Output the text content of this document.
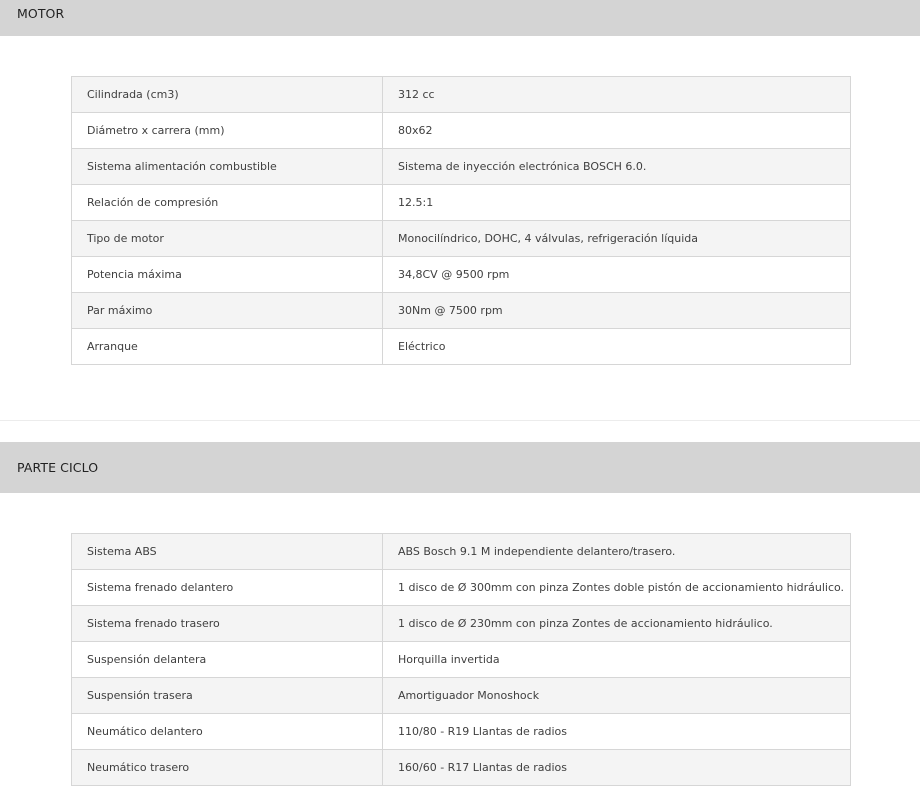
MOTOR
Cilindrada (cm3)	312 cc
Diámetro x carrera (mm)	80x62
Sistema alimentación combustible	Sistema de inyección electrónica BOSCH 6.0.
Relación de compresión	12.5:1
Tipo de motor	Monocilíndrico, DOHC, 4 válvulas, refrigeración líquida
Potencia máxima	34,8CV @ 9500 rpm
Par máximo	30Nm @ 7500 rpm
Arranque	Eléctrico
PARTE CICLO
Sistema ABS	ABS Bosch 9.1 M independiente delantero/trasero.
Sistema frenado delantero	1 disco de Ø 300mm con pinza Zontes doble pistón de accionamiento hidráulico.
Sistema frenado trasero	1 disco de Ø 230mm con pinza Zontes de accionamiento hidráulico.
Suspensión delantera	Horquilla invertida
Suspensión trasera	Amortiguador Monoshock
Neumático delantero	110/80 - R19 Llantas de radios
Neumático trasero	160/60 - R17 Llantas de radios
